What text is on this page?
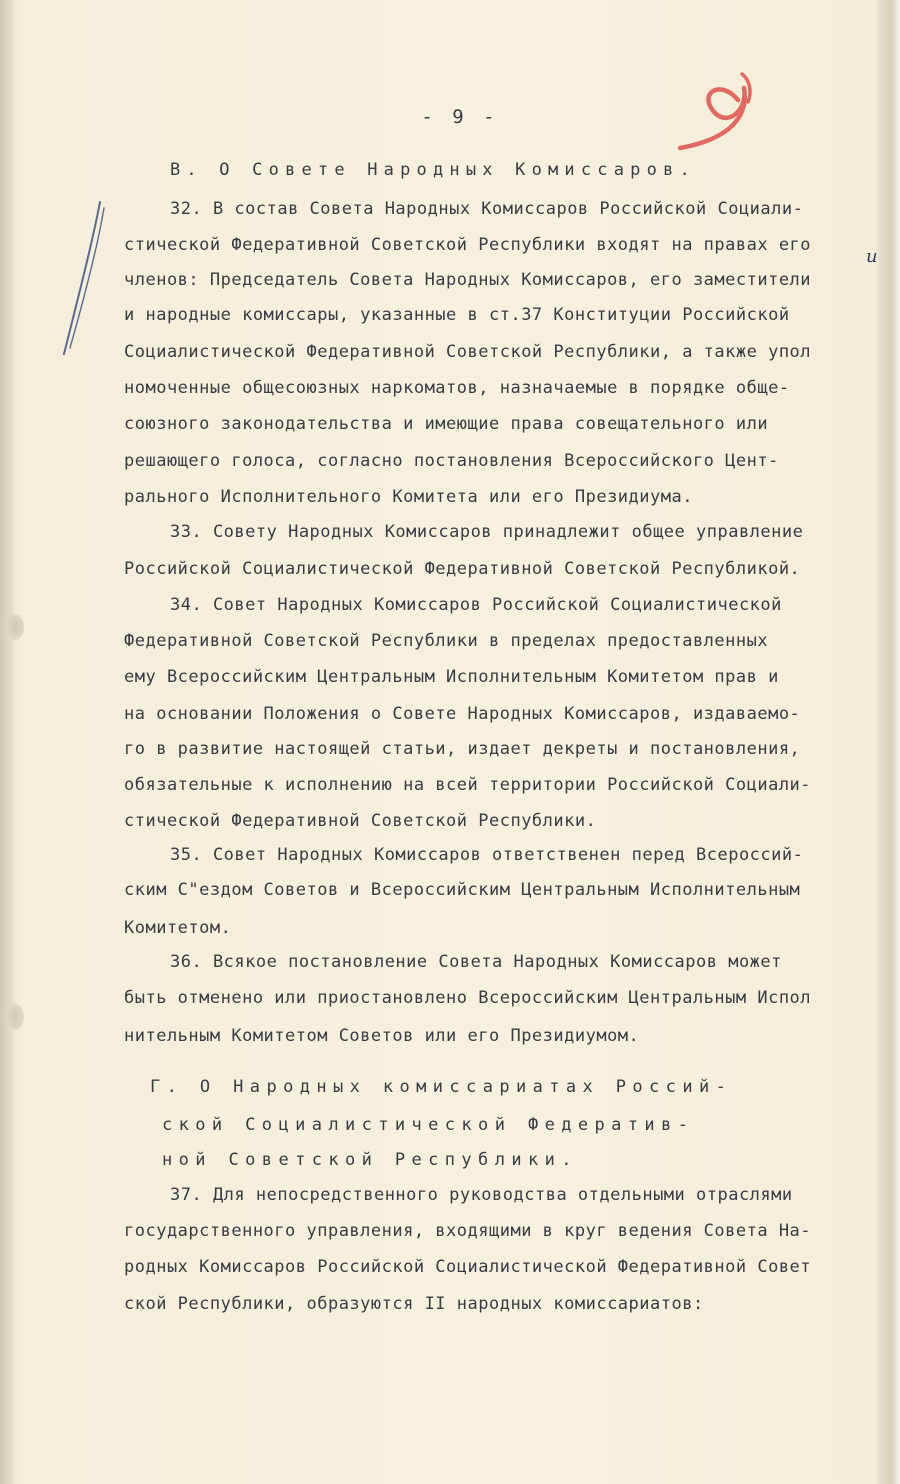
- 9 -
и
В. О Совете Народных Комиссаров.
32. В состав Совета Народных Комиссаров Российской Социали-
стической Федеративной Советской Республики входят на правах его
членов: Председатель Совета Народных Комиссаров, его заместители
и народные комиссары, указанные в ст.37 Конституции Российской
Социалистической Федеративной Советской Республики, а также упол
номоченные общесоюзных наркоматов, назначаемые в порядке обще-
союзного законодательства и имеющие права совещательного или
решающего голоса, согласно постановления Всероссийского Цент-
рального Исполнительного Комитета или его Президиума.
33. Совету Народных Комиссаров принадлежит общее управление
Российской Социалистической Федеративной Советской Республикой.
34. Совет Народных Комиссаров Российской Социалистической
Федеративной Советской Республики в пределах предоставленных
ему Всероссийским Центральным Исполнительным Комитетом прав и
на основании Положения о Совете Народных Комиссаров, издаваемо-
го в развитие настоящей статьи, издает декреты и постановления,
обязательные к исполнению на всей территории Российской Социали-
стической Федеративной Советской Республики.
35. Совет Народных Комиссаров ответственен перед Всероссий-
ским С"ездом Советов и Всероссийским Центральным Исполнительным
Комитетом.
36. Всякое постановление Совета Народных Комиссаров может
быть отменено или приостановлено Всероссийским Центральным Испол
нительным Комитетом Советов или его Президиумом.
Г. О Народных комиссариатах Россий-
ской Социалистической Федератив-
ной Советской Республики.
37. Для непосредственного руководства отдельными отраслями
государственного управления, входящими в круг ведения Совета На-
родных Комиссаров Российской Социалистической Федеративной Совет
ской Республики, образуются II народных комиссариатов:
